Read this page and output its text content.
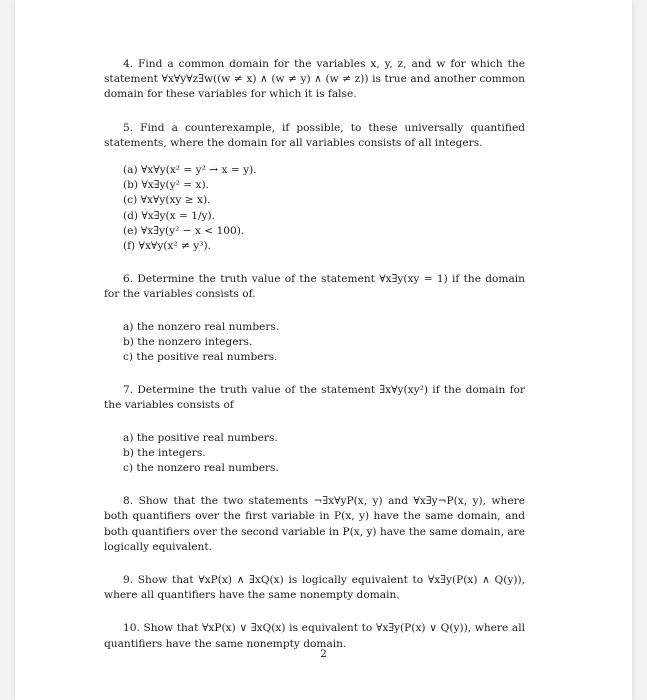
4. Find a common domain for the variables x, y, z, and w for which the statement ∀x∀y∀z∃w((w ≠ x) ∧ (w ≠ y) ∧ (w ≠ z)) is true and another common domain for these variables for which it is false.

5. Find a counterexample, if possible, to these universally quantified statements, where the domain for all variables consists of all integers.

(a) ∀x∀y(x² = y² → x = y).
(b) ∀x∃y(y² = x).
(c) ∀x∀y(xy ≥ x).
(d) ∀x∃y(x = 1/y).
(e) ∀x∃y(y² − x < 100).
(f) ∀x∀y(x² ≠ y³).

6. Determine the truth value of the statement ∀x∃y(xy = 1) if the domain for the variables consists of.

a) the nonzero real numbers.
b) the nonzero integers.
c) the positive real numbers.

7. Determine the truth value of the statement ∃x∀y(xy²) if the domain for the variables consists of

a) the positive real numbers.
b) the integers.
c) the nonzero real numbers.

8. Show that the two statements ¬∃x∀yP(x, y) and ∀x∃y¬P(x, y), where both quantifiers over the first variable in P(x, y) have the same domain, and both quantifiers over the second variable in P(x, y) have the same domain, are logically equivalent.

9. Show that ∀xP(x) ∧ ∃xQ(x) is logically equivalent to ∀x∃y(P(x) ∧ Q(y)), where all quantifiers have the same nonempty domain.

10. Show that ∀xP(x) ∨ ∃xQ(x) is equivalent to ∀x∃y(P(x) ∨ Q(y)), where all quantifiers have the same nonempty domain.

2
